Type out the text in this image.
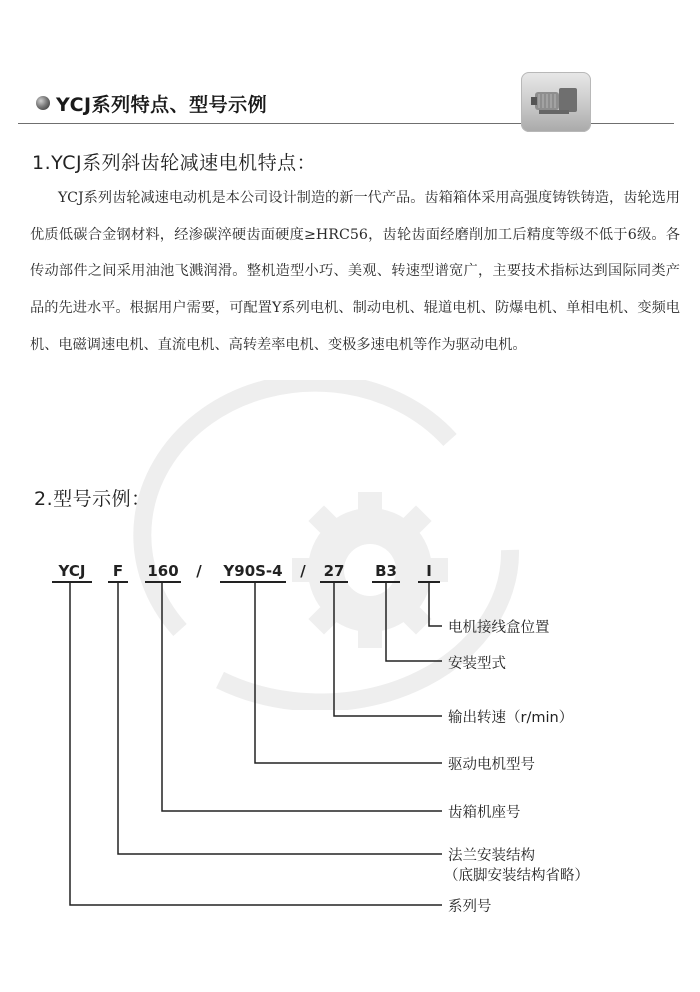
YCJ系列特点、型号示例
1.YCJ系列斜齿轮减速电机特点：

YCJ系列齿轮减速电动机是本公司设计制造的新一代产品。齿箱箱体采用高强度铸铁铸造，齿轮选用优质低碳合金钢材料，经渗碳淬硬齿面硬度≥HRC56，齿轮齿面经磨削加工后精度等级不低于6级。各传动部件之间采用油池飞溅润滑。整机造型小巧、美观、转速型谱宽广，主要技术指标达到国际同类产品的先进水平。根据用户需要，可配置Y系列电机、制动电机、辊道电机、防爆电机、单相电机、变频电机、电磁调速电机、直流电机、高转差率电机、变极多速电机等作为驱动电机。

2.型号示例：
YCJ	F	160 / Y90S-4 / 27 B3	I
电机接线盒位置
安装型式
输出转速（r/min）
驱动电机型号
齿箱机座号
法兰安装结构
（底脚安装结构省略）
系列号
